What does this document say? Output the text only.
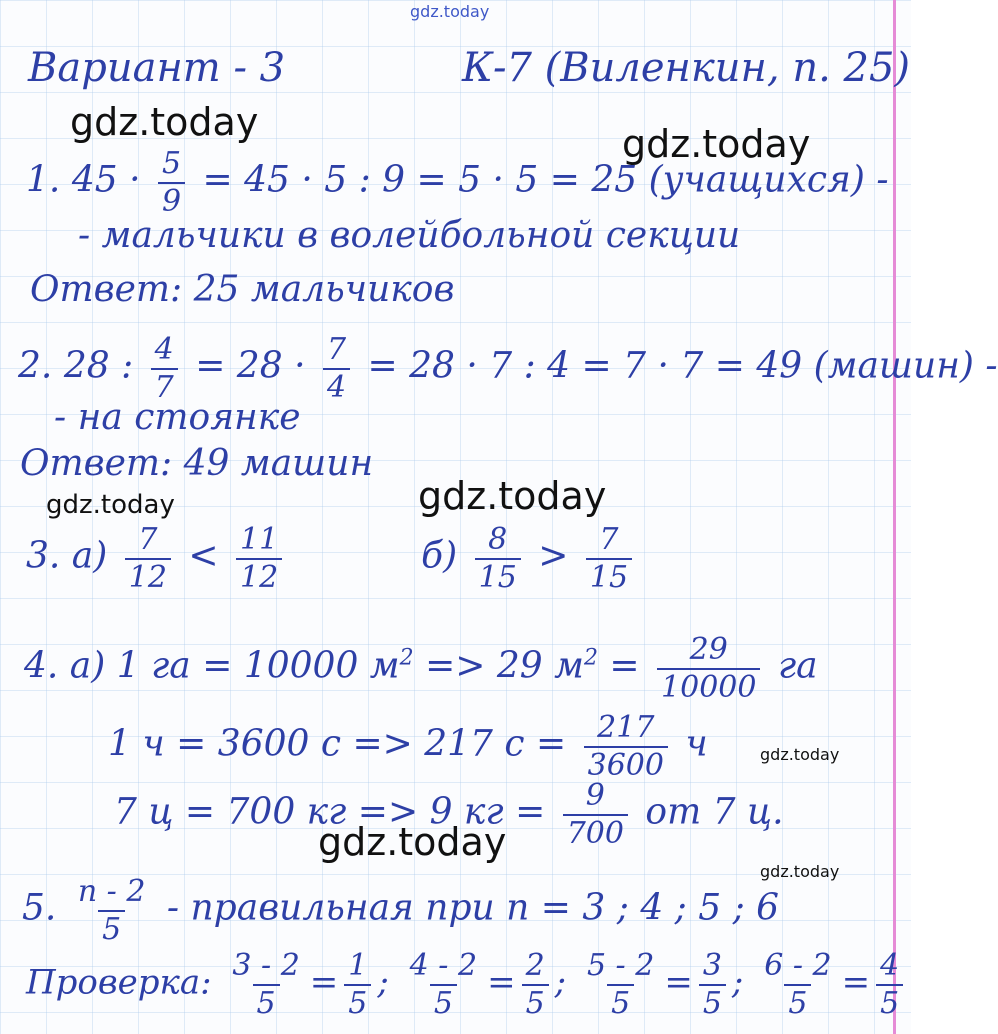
gdz.today
gdz.today	gdz.today
gdz.today	gdz.today
gdz.today
gdz.today
gdz.today
Вариант - 3	К-7 (Виленкин, п. 25)
1. $45 \cdot \frac{5}{9} = 45 \cdot 5$ : 9 = 5 · 5 = 25 (учащихся) -
- мальчики в волейбольной секции
Ответ: 25 мальчиков
2. 28 : $\frac{4}{7} = 28 \cdot \frac{7}{4} = 28 \cdot 7$ : 4 = 7 · 7 = 49 (машин) -
- на стоянке
Ответ: 49 машин
3. $а) \frac{7}{12} < \frac{11}{12}$	$б) \frac{8}{15} > \frac{7}{15}$
4. а) 1 га = 10000 $м^2 => 29$ $м^2 = \frac{29}{10000}$ га
1 ч = 3600 с => 217 $с = \frac{217}{3600}$ ч
7 ц = 700 кг => 9 кг = $\frac{9}{700}$ от 7 ц.
5. $\frac{n - 2}{5}$ - правильная при n = 3 ; 4 ; 5 ; 6
Проверка: $\frac{3 - 2}{5} = \frac{1}{5}$ ; $\frac{4 - 2}{5} = \frac{2}{5}$ ; $\frac{5 - 2}{5} = \frac{3}{5}$ ; $\frac{6 - 2}{5} = \frac{4}{5}$
